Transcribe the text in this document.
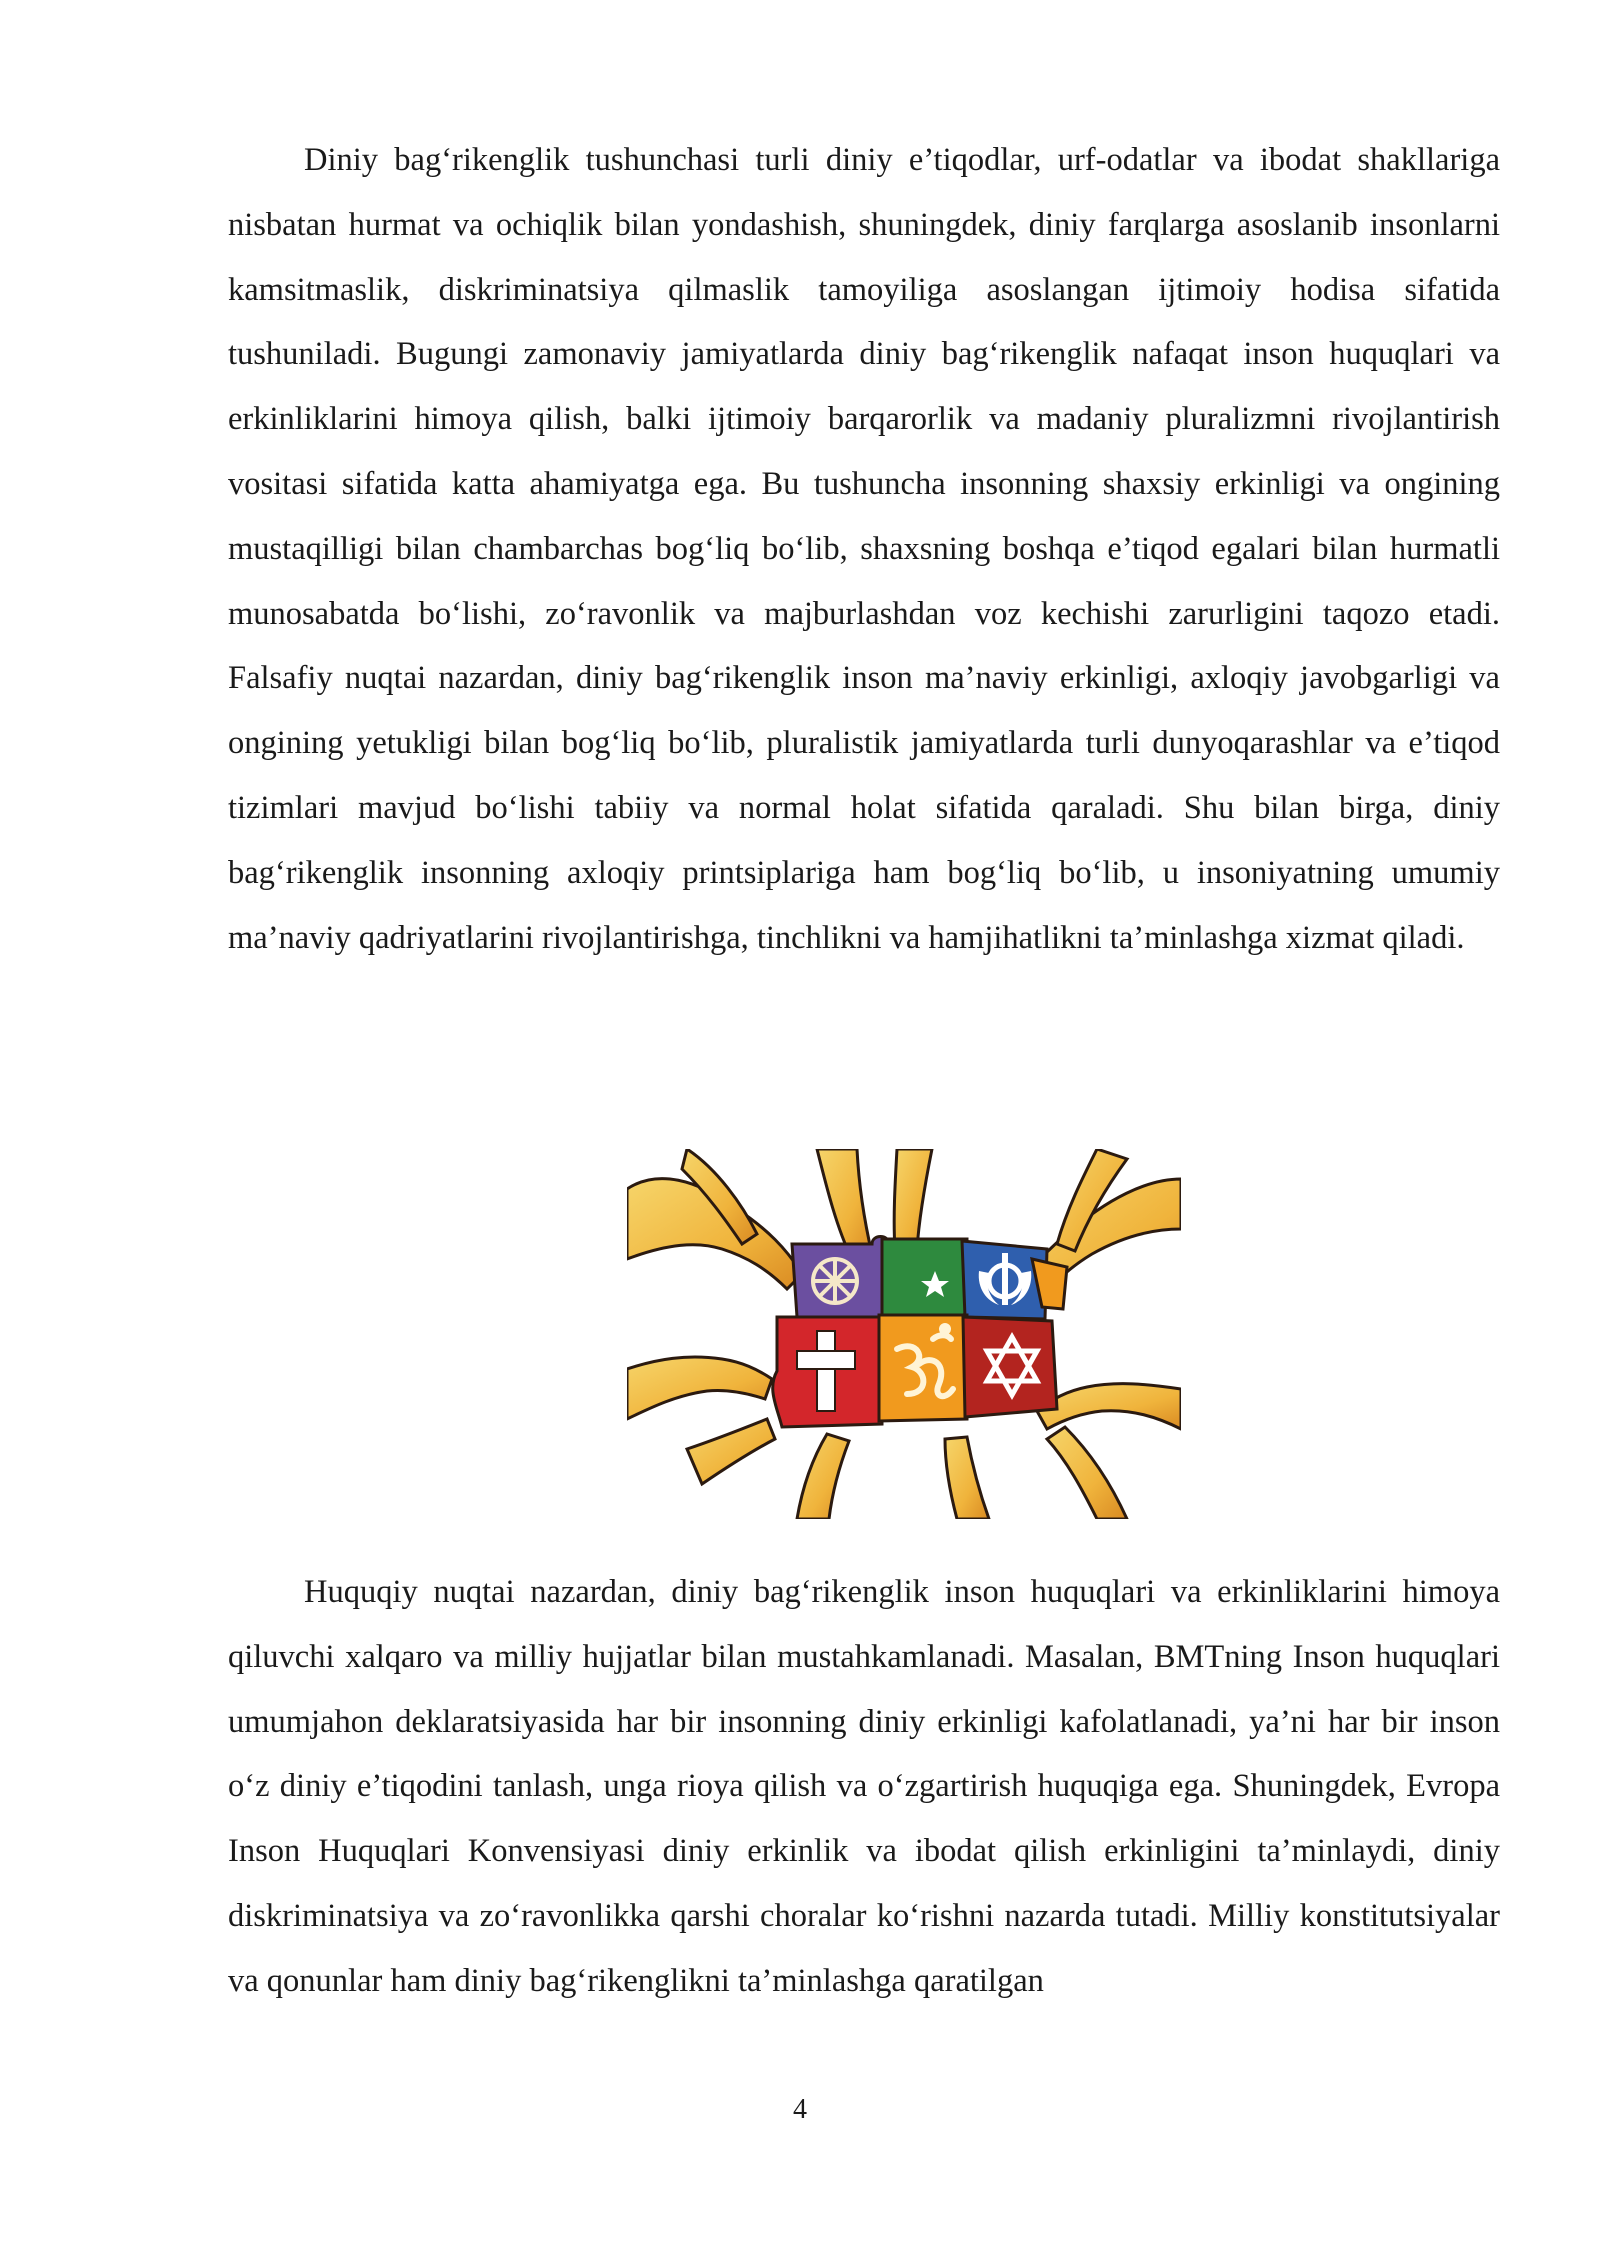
Diniy bag‘rikenglik tushunchasi turli diniy e’tiqodlar, urf-odatlar va ibodat shakllariga nisbatan hurmat va ochiqlik bilan yondashish, shuningdek, diniy farqlarga asoslanib insonlarni kamsitmaslik, diskriminatsiya qilmaslik tamoyiliga asoslangan ijtimoiy hodisa sifatida tushuniladi. Bugungi zamonaviy jamiyatlarda diniy bag‘rikenglik nafaqat inson huquqlari va erkinliklarini himoya qilish, balki ijtimoiy barqarorlik va madaniy pluralizmni rivojlantirish vositasi sifatida katta ahamiyatga ega. Bu tushuncha insonning shaxsiy erkinligi va ongining mustaqilligi bilan chambarchas bog‘liq bo‘lib, shaxsning boshqa e’tiqod egalari bilan hurmatli munosabatda bo‘lishi, zo‘ravonlik va majburlashdan voz kechishi zarurligini taqozo etadi. Falsafiy nuqtai nazardan, diniy bag‘rikenglik inson ma’naviy erkinligi, axloqiy javobgarligi va ongining yetukligi bilan bog‘liq bo‘lib, pluralistik jamiyatlarda turli dunyoqarashlar va e’tiqod tizimlari mavjud bo‘lishi tabiiy va normal holat sifatida qaraladi. Shu bilan birga, diniy bag‘rikenglik insonning axloqiy printsiplariga ham bog‘liq bo‘lib, u insoniyatning umumiy ma’naviy qadriyatlarini rivojlantirishga, tinchlikni va hamjihatlikni ta’minlashga xizmat qiladi.

Huquqiy nuqtai nazardan, diniy bag‘rikenglik inson huquqlari va erkinliklarini himoya qiluvchi xalqaro va milliy hujjatlar bilan mustahkamlanadi. Masalan, BMTning Inson huquqlari umumjahon deklaratsiyasida har bir insonning diniy erkinligi kafolatlanadi, ya’ni har bir inson o‘z diniy e’tiqodini tanlash, unga rioya qilish va o‘zgartirish huquqiga ega. Shuningdek, Evropa Inson Huquqlari Konvensiyasi diniy erkinlik va ibodat qilish erkinligini ta’minlaydi, diniy diskriminatsiya va zo‘ravonlikka qarshi choralar ko‘rishni nazarda tutadi. Milliy konstitutsiyalar va qonunlar ham diniy bag‘rikenglikni ta’minlashga qaratilgan

4
